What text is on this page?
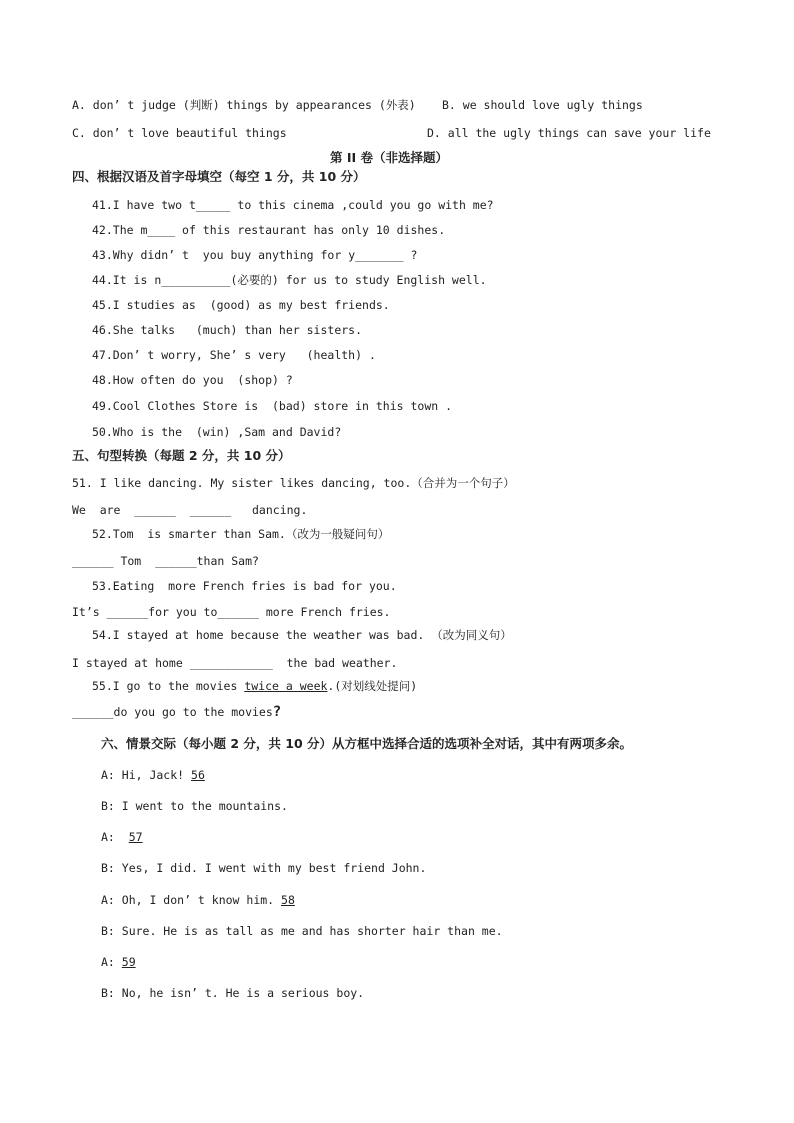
A. don’ t judge (判断) things by appearances (外表) B. we should love ugly things
C. don’ t love beautiful things	D. all the ugly things can save your life
第 II 卷（非选择题）
四、根据汉语及首字母填空（每空 1 分，共 10 分）
41.I have two t_____ to this cinema ,could you go with me?
42.The m____ of this restaurant has only 10 dishes.
43.Why didn’ t  you buy anything for y_______ ?
44.It is n__________(必要的) for us to study English well.
45.I studies as  (good) as my best friends.
46.She talks   (much) than her sisters.
47.Don’ t worry, She’ s very   (health) .
48.How often do you  (shop) ?
49.Cool Clothes Store is  (bad) store in this town .
50.Who is the  (win) ,Sam and David?
五、句型转换（每题 2 分，共 10 分）
51. I like dancing. My sister likes dancing, too.（合并为一个句子）
We  are  ______  ______   dancing.
52.Tom  is smarter than Sam.（改为一般疑问句）
______ Tom  ______than Sam?
53.Eating  more French fries is bad for you.
It’s ______for you to______ more French fries.
54.I stayed at home because the weather was bad. （改为同义句）
I stayed at home ____________  the bad weather.
55.I go to the movies twice a week.(对划线处提问)
______do you go to the movies?
六、情景交际（每小题 2 分，共 10 分）从方框中选择合适的选项补全对话，其中有两项多余。
A: Hi, Jack! 56
B: I went to the mountains.
A:  57
B: Yes, I did. I went with my best friend John.
A: Oh, I don’ t know him. 58
B: Sure. He is as tall as me and has shorter hair than me.
A: 59
B: No, he isn’ t. He is a serious boy.
